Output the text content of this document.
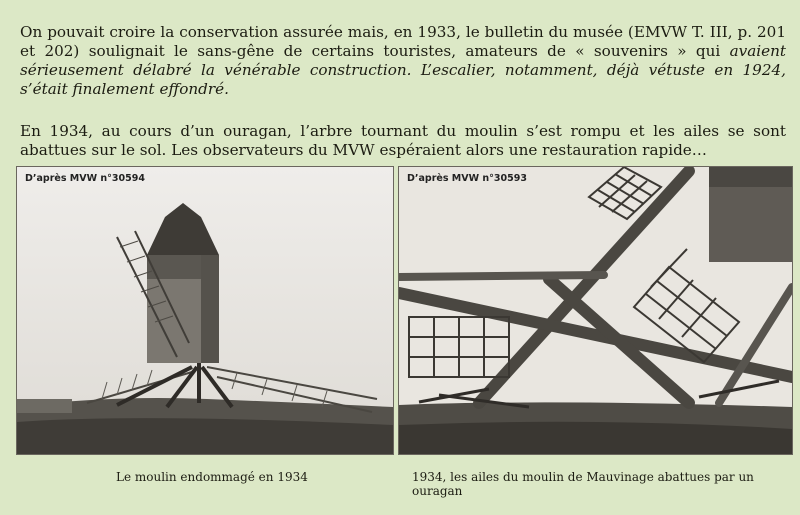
On pouvait croire la conservation assurée mais, en 1933, le bulletin du musée (EMVW T. III, p. 201 et 202) soulignait le sans-gêne de certains touristes, amateurs de « souvenirs » qui avaient sérieusement délabré la vénérable construction. L’escalier, notamment, déjà vétuste en 1924, s’était finalement effondré.

En 1934, au cours d’un ouragan, l’arbre tournant du moulin s’est rompu et les ailes se sont abattues sur le sol. Les observateurs du MVW espéraient alors une restauration rapide…

D’après MVW n°30594	D’après MVW n°30593
Le moulin endommagé en 1934	1934, les ailes du moulin de Mauvinage abattues par un ouragan
